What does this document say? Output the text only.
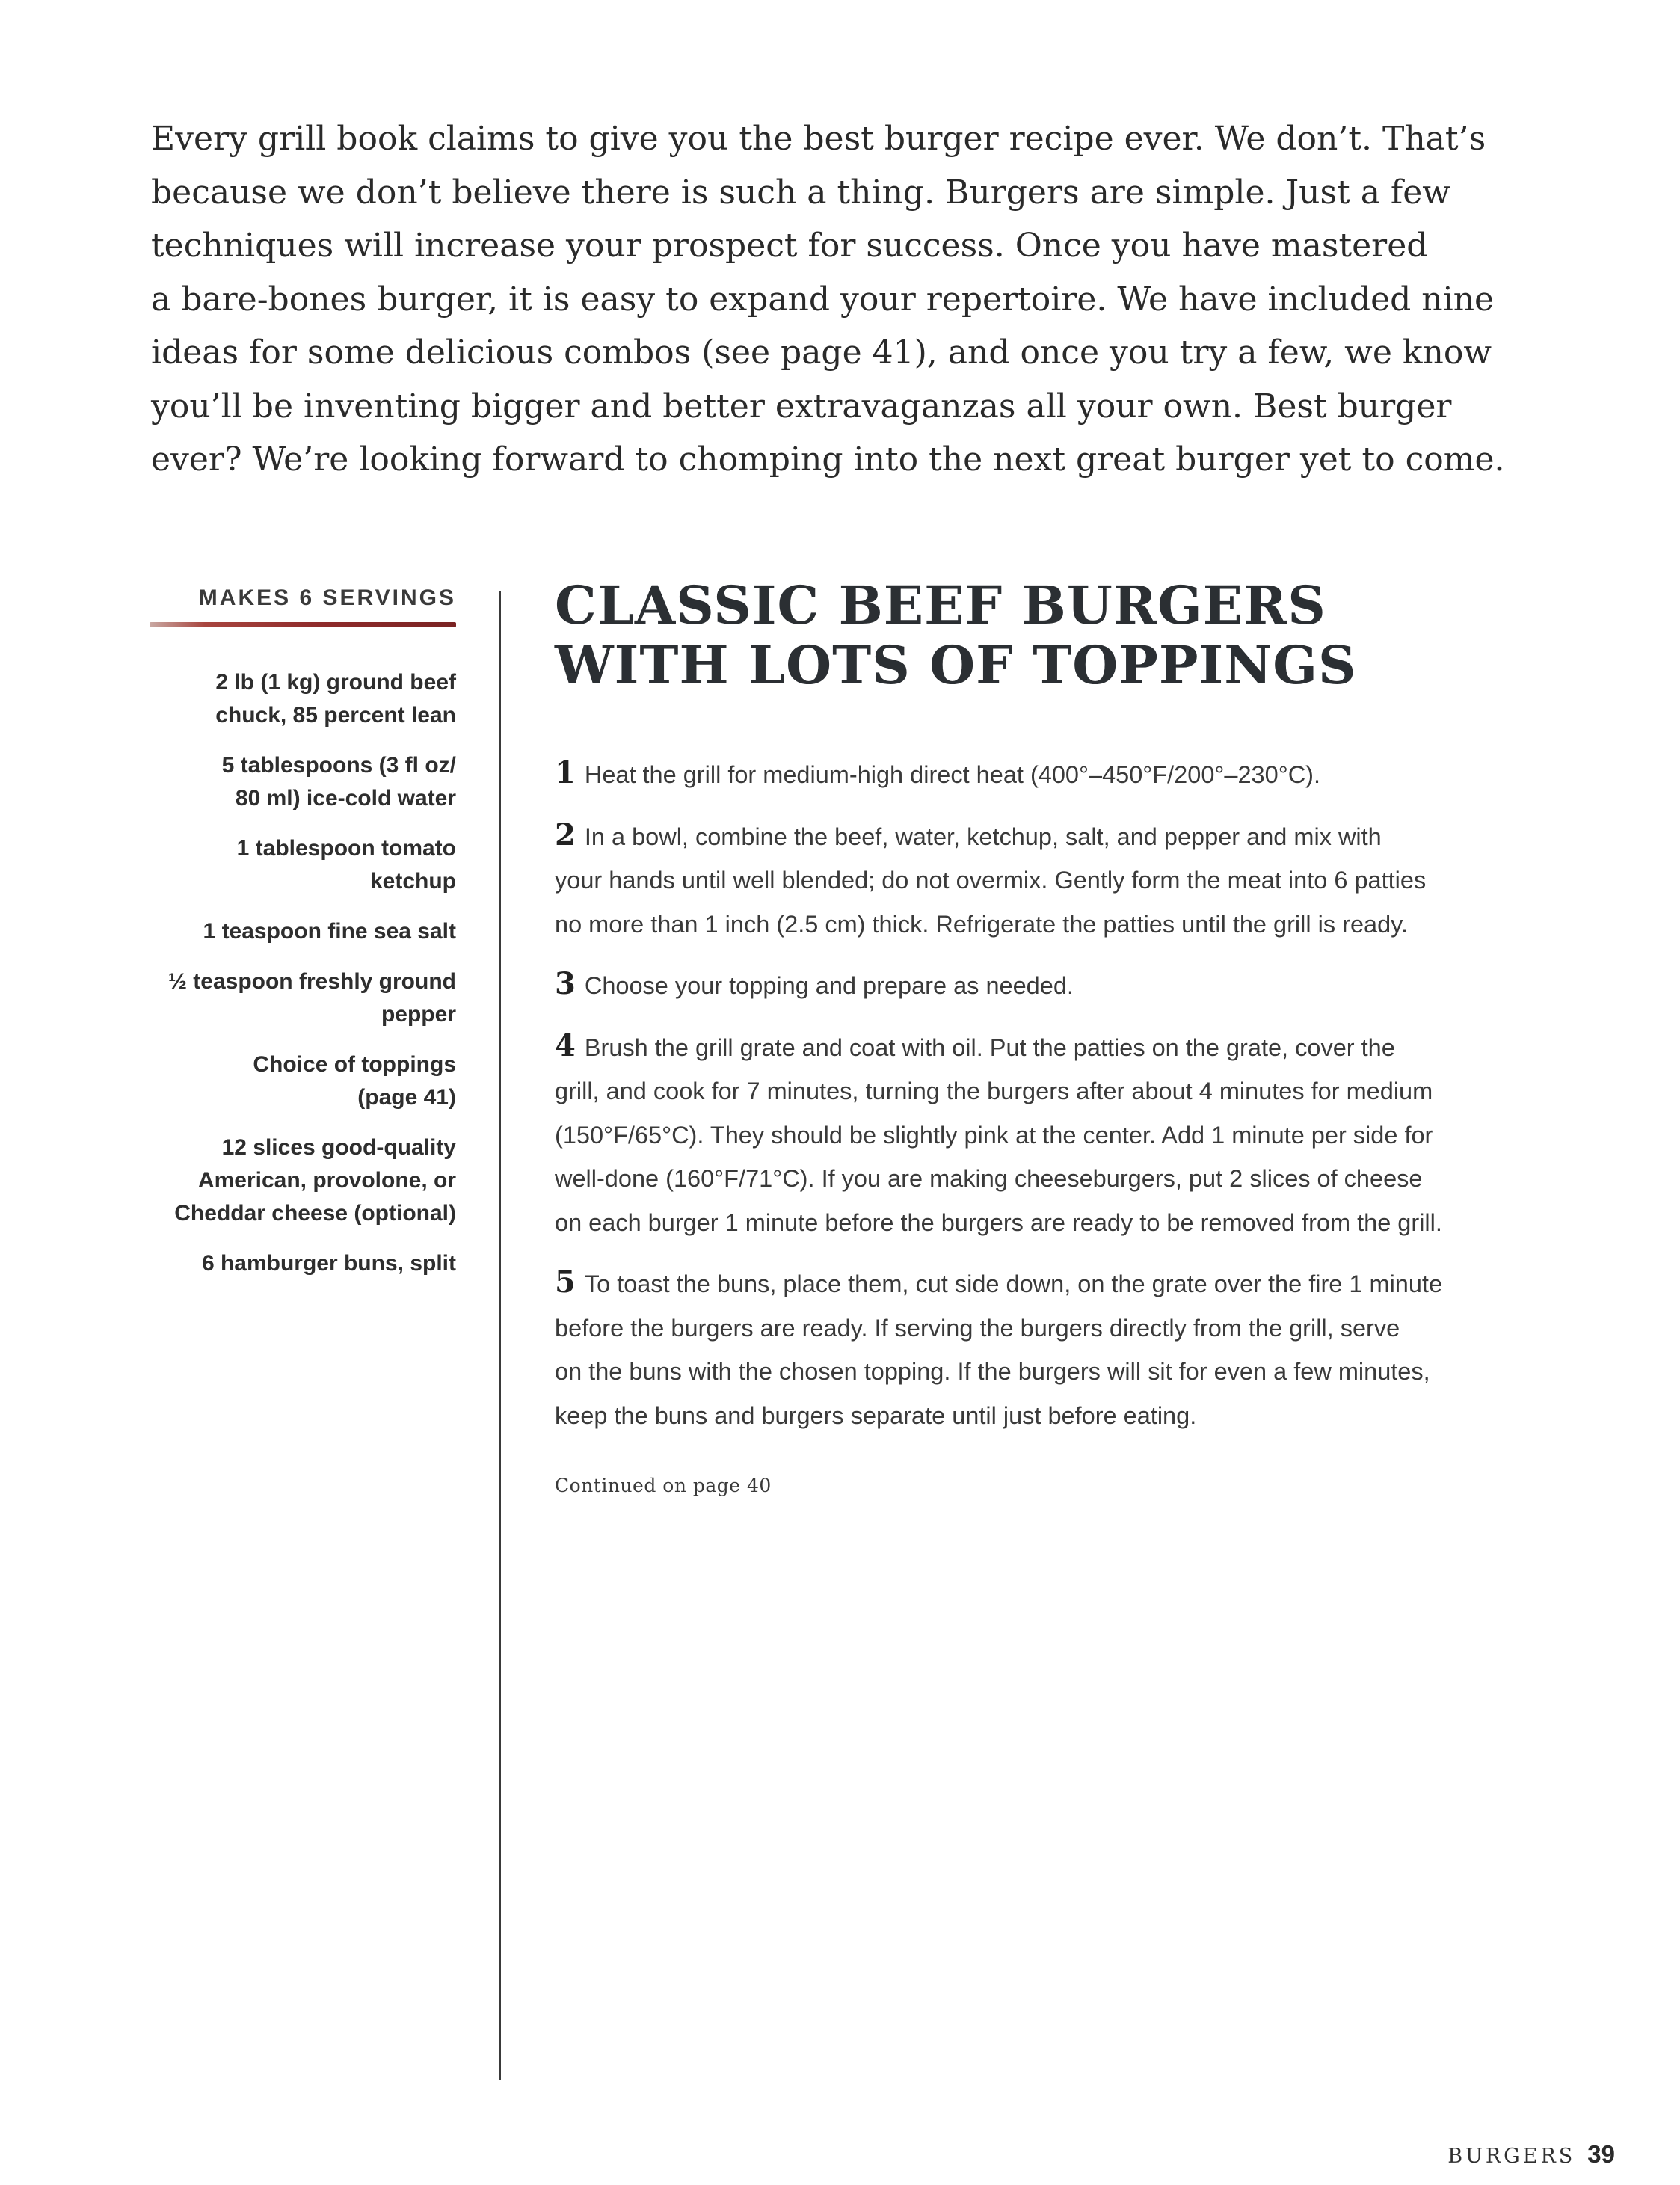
Every grill book claims to give you the best burger recipe ever. We don’t. That’s
because we don’t believe there is such a thing. Burgers are simple. Just a few
techniques will increase your prospect for success. Once you have mastered
a bare-bones burger, it is easy to expand your repertoire. We have included nine
ideas for some delicious combos (see page 41), and once you try a few, we know
you’ll be inventing bigger and better extravaganzas all your own. Best burger
ever? We’re looking forward to chomping into the next great burger yet to come.

MAKES 6 SERVINGS
2 lb (1 kg) ground beef
chuck, 85 percent lean
5 tablespoons (3 fl oz/
80 ml) ice-cold water
1 tablespoon tomato
ketchup
1 teaspoon fine sea salt
½ teaspoon freshly ground
pepper
Choice of toppings
(page 41)
12 slices good-quality
American, provolone, or
Cheddar cheese (optional)
6 hamburger buns, split
CLASSIC BEEF BURGERS
WITH LOTS OF TOPPINGS

1 Heat the grill for medium-high direct heat (400°–450°F/200°–230°C).

2 In a bowl, combine the beef, water, ketchup, salt, and pepper and mix with
your hands until well blended; do not overmix. Gently form the meat into 6 patties
no more than 1 inch (2.5 cm) thick. Refrigerate the patties until the grill is ready.

3 Choose your topping and prepare as needed.

4 Brush the grill grate and coat with oil. Put the patties on the grate, cover the
grill, and cook for 7 minutes, turning the burgers after about 4 minutes for medium
(150°F/65°C). They should be slightly pink at the center. Add 1 minute per side for
well-done (160°F/71°C). If you are making cheeseburgers, put 2 slices of cheese
on each burger 1 minute before the burgers are ready to be removed from the grill.

5 To toast the buns, place them, cut side down, on the grate over the fire 1 minute
before the burgers are ready. If serving the burgers directly from the grill, serve
on the buns with the chosen topping. If the burgers will sit for even a few minutes,
keep the buns and burgers separate until just before eating.

Continued on page 40
BURGERS 39
